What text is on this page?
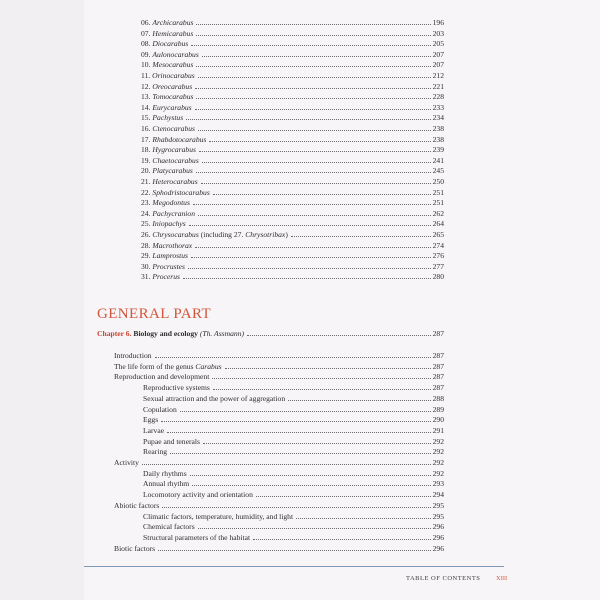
06. Archicarabus	196
07. Hemicarabus	203
08. Diocarabus	205
09. Aulonocarabus	207
10. Mesocarabus	207
11. Orinocarabus	212
12. Oreocarabus	221
13. Tomocarabus	228
14. Eurycarabus	233
15. Pachystus	234
16. Ctenocarabus	238
17. Rhabdotocarabus	238
18. Hygrocarabus	239
19. Chaetocarabus	241
20. Platycarabus	245
21. Heterocarabus	250
22. Sphodristocarabus	251
23. Megodontus	251
24. Pachycranion	262
25. Iniopachys	264
26. Chrysocarabus (including 27. Chrysotribax)	265
28. Macrothorax	274
29. Lamprostus	276
30. Procrustes	277
31. Procerus	280
GENERAL PART
Chapter 6. Biology and ecology (Th. Assmann)	287
Introduction	287
The life form of the genus Carabus	287
Reproduction and development	287
Reproductive systems	287
Sexual attraction and the power of aggregation	288
Copulation	289
Eggs	290
Larvae	291
Pupae and tenerals	292
Rearing	292
Activity	292
Daily rhythms	292
Annual rhythm	293
Locomotory activity and orientation	294
Abiotic factors	295
Climatic factors, temperature, humidity, and light	295
Chemical factors	296
Structural parameters of the habitat	296
Biotic factors	296
TABLE OF CONTENTS XIII
